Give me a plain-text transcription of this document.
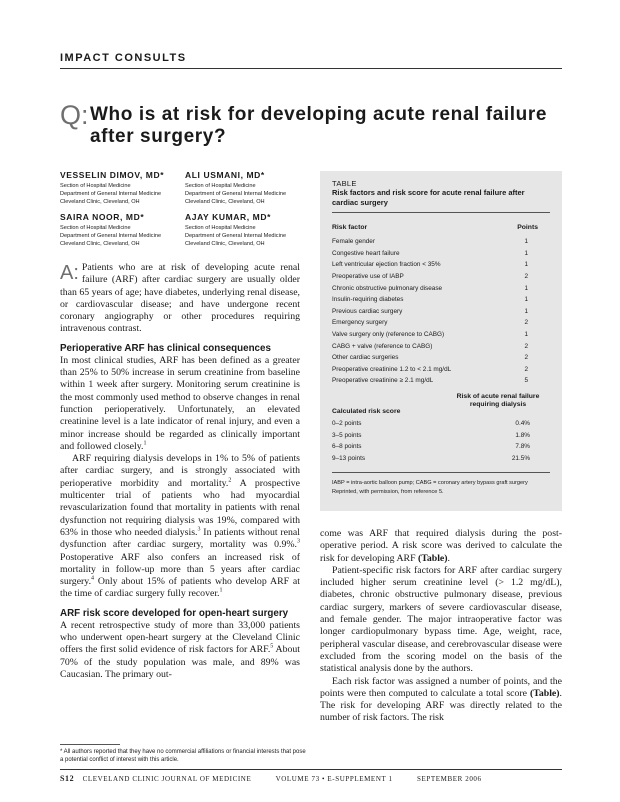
IMPACT CONSULTS
Q: Who is at risk for developing acute renal failure after surgery?
VESSELIN DIMOV, MD*
Section of Hospital Medicine
Department of General Internal Medicine
Cleveland Clinic, Cleveland, OH
ALI USMANI, MD*
Section of Hospital Medicine
Department of General Internal Medicine
Cleveland Clinic, Cleveland, OH
SAIRA NOOR, MD*
Section of Hospital Medicine
Department of General Internal Medicine
Cleveland Clinic, Cleveland, OH
AJAY KUMAR, MD*
Section of Hospital Medicine
Department of General Internal Medicine
Cleveland Clinic, Cleveland, OH

A: Patients who are at risk of developing acute renal failure (ARF) after cardiac surgery are usually older than 65 years of age; have diabetes, underlying renal disease, or cardiovascular disease; and have undergone recent coronary angiography or other procedures requiring intravenous contrast.

Perioperative ARF has clinical consequences

In most clinical studies, ARF has been defined as a greater than 25% to 50% increase in serum creatinine from baseline within 1 week after surgery. Monitoring serum creatinine is the most commonly used method to observe changes in renal function perioperatively. Unfortunately, an elevated creatinine level is a late indicator of renal injury, and even a minor increase should be regarded as clinically important and followed closely.$^1$

ARF requiring dialysis develops in 1% to 5% of patients after cardiac surgery, and is strongly associated with perioperative morbidity and mortality.$^2$ A prospective multicenter trial of patients who had myocardial revascularization found that mortality in patients with renal dysfunction not requiring dialysis was 19%, compared with 63% in those who needed dialysis.$^3$ In patients without renal dysfunction after cardiac surgery, mortality was 0.9%.$^3$ Postoperative ARF also confers an increased risk of mortality in follow-up more than 5 years after cardiac surgery.$^4$ Only about 15% of patients who develop ARF at the time of cardiac surgery fully recover.$^1$

ARF risk score developed for open-heart surgery

A recent retrospective study of more than 33,000 patients who underwent open-heart surgery at the Cleveland Clinic offers the first solid evidence of risk factors for ARF.$^5$ About 70% of the study population was male, and 89% was Caucasian. The primary out-

* All authors reported that they have no commercial affiliations or financial interests that pose a potential conflict of interest with this article.
TABLE
Risk factors and risk score for acute renal failure after cardiac surgery
Risk factor	Points
Female gender	1
Congestive heart failure	1
Left ventricular ejection fraction < 35%	1
Preoperative use of IABP	2
Chronic obstructive pulmonary disease	1
Insulin-requiring diabetes	1
Previous cardiac surgery	1
Emergency surgery	2
Valve surgery only (reference to CABG)	1
CABG + valve (reference to CABG)	2
Other cardiac surgeries	2
Preoperative creatinine 1.2 to < 2.1 mg/dL	2
Preoperative creatinine ≥ 2.1 mg/dL	5
Calculated risk score
Risk of acute renal failure requiring dialysis
0–2 points	0.4%
3–5 points	1.8%
6–8 points	7.8%
9–13 points	21.5%
IABP = intra-aortic balloon pump; CABG = coronary artery bypass graft surgery
Reprinted, with permission, from reference 5.

come was ARF that required dialysis during the post-operative period. A risk score was derived to calculate the risk for developing ARF (Table).

Patient-specific risk factors for ARF after cardiac surgery included higher serum creatinine level (> 1.2 mg/dL), diabetes, chronic obstructive pulmonary disease, previous cardiac surgery, markers of severe cardiovascular disease, and female gender. The major intraoperative factor was longer cardiopulmonary bypass time. Age, weight, race, peripheral vascular disease, and cerebrovascular disease were excluded from the scoring model on the basis of the statistical analysis done by the authors.

Each risk factor was assigned a number of points, and the points were then computed to calculate a total score (Table). The risk for developing ARF was directly related to the number of risk factors. The risk

S12 CLEVELAND CLINIC JOURNAL OF MEDICINE	VOLUME 73 • E-SUPPLEMENT 1	SEPTEMBER 2006
